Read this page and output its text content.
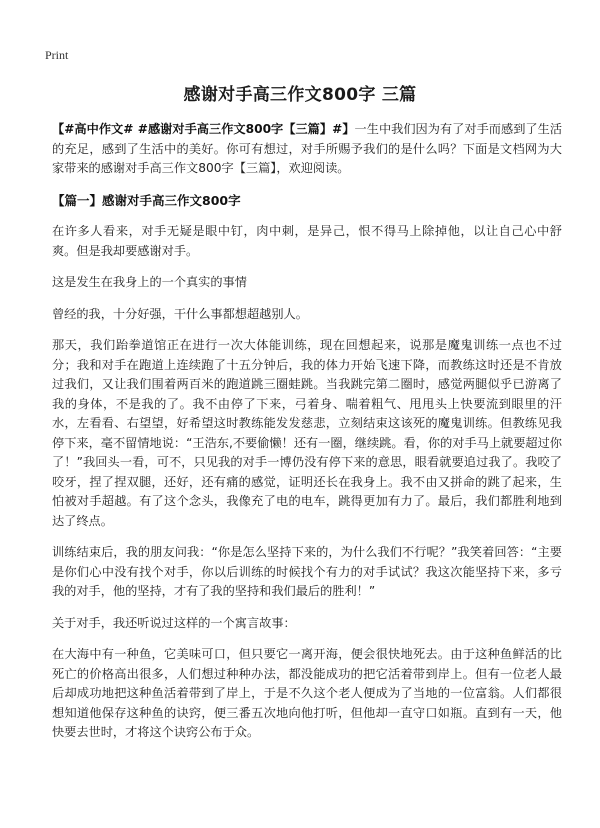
Print
感谢对手高三作文800字 三篇

【#高中作文# #感谢对手高三作文800字【三篇】#】一生中我们因为有了对手而感到了生活的充足，感到了生活中的美好。你可有想过，对手所赐予我们的是什么吗？下面是文档网为大家带来的感谢对手高三作文800字【三篇】，欢迎阅读。

【篇一】感谢对手高三作文800字

在许多人看来，对手无疑是眼中钉，肉中刺，是异己，恨不得马上除掉他，以让自己心中舒爽。但是我却要感谢对手。

这是发生在我身上的一个真实的事情

曾经的我，十分好强，干什么事都想超越别人。

那天，我们跆拳道馆正在进行一次大体能训练，现在回想起来，说那是魔鬼训练一点也不过分；我和对手在跑道上连续跑了十五分钟后，我的体力开始飞速下降，而教练这时还是不肯放过我们，又让我们围着两百米的跑道跳三圈蛙跳。当我跳完第二圈时，感觉两腿似乎已游离了我的身体，不是我的了。我不由停了下来，弓着身、喘着粗气、甩甩头上快要流到眼里的汗水，左看看、右望望，好希望这时教练能发发慈悲，立刻结束这该死的魔鬼训练。但教练见我停下来，毫不留情地说：“王浩东,不要偷懒！还有一圈，继续跳。看，你的对手马上就要超过你了！”我回头一看，可不，只见我的对手一博仍没有停下来的意思，眼看就要追过我了。我咬了咬牙，捏了捏双腿，还好，还有痛的感觉，证明还长在我身上。我不由又拼命的跳了起来，生怕被对手超越。有了这个念头，我像充了电的电车，跳得更加有力了。最后，我们都胜利地到达了终点。

训练结束后，我的朋友问我：“你是怎么坚持下来的，为什么我们不行呢？”我笑着回答：“主要是你们心中没有找个对手，你以后训练的时候找个有力的对手试试？我这次能坚持下来，多亏我的对手，他的坚持，才有了我的坚持和我们最后的胜利！”

关于对手，我还听说过这样的一个寓言故事：

在大海中有一种鱼，它美味可口，但只要它一离开海，便会很快地死去。由于这种鱼鲜活的比死亡的价格高出很多，人们想过种种办法，都没能成功的把它活着带到岸上。但有一位老人最后却成功地把这种鱼活着带到了岸上，于是不久这个老人便成为了当地的一位富翁。人们都很想知道他保存这种鱼的诀窍，便三番五次地向他打听，但他却一直守口如瓶。直到有一天，他快要去世时，才将这个诀窍公布于众。
